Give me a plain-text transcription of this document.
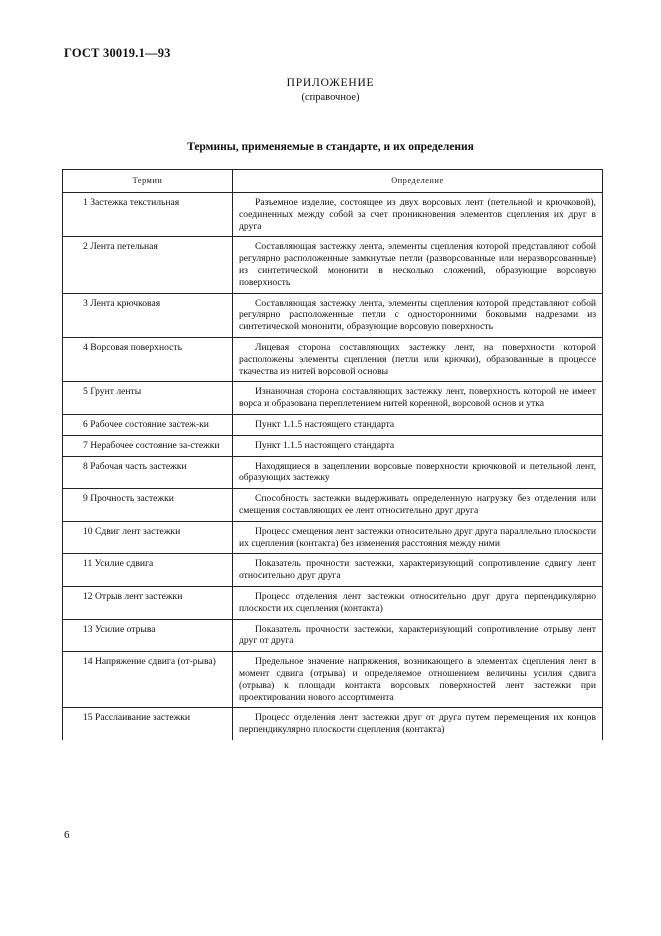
ГОСТ 30019.1—93
ПРИЛОЖЕНИЕ
(справочное)
Термины, применяемые в стандарте, и их определения
Термин	Определение
1 Застежка текстильная	Разъемное изделие, состоящее из двух ворсовых лент (петельной и крючковой), соединенных между собой за счет проникновения элементов сцепления их друг в друга
2 Лента петельная	Составляющая застежку лента, элементы сцепления которой представляют собой регулярно расположенные замкнутые петли (разворсованные или неразворсованные) из синтетической мононити в несколько сложений, образующие ворсовую поверхность
3 Лента крючковая	Составляющая застежку лента, элементы сцепления которой представляют собой регулярно расположенные петли с односторонними боковыми надрезами из синтетической мононити, образующие ворсовую поверхность
4 Ворсовая поверхность	Лицевая сторона составляющих застежку лент, на поверхности которой расположены элементы сцепления (петли или крючки), образованные в процессе ткачества из нитей ворсовой основы
5 Грунт ленты	Изнаночная сторона составляющих застежку лент, поверхность которой не имеет ворса и образована переплетением нитей коренной, ворсовой основ и утка
6 Рабочее состояние застеж-ки	Пункт 1.1.5 настоящего стандарта
7 Нерабочее состояние за-стежки	Пункт 1.1.5 настоящего стандарта
8 Рабочая часть застежки	Находящиеся в зацеплении ворсовые поверхности крючковой и петельной лент, образующих застежку
9 Прочность застежки	Способность застежки выдерживать определенную нагрузку без отделения или смещения составляющих ее лент относительно друг друга
10 Сдвиг лент застежки	Процесс смещения лент застежки относительно друг друга параллельно плоскости их сцепления (контакта) без изменения расстояния между ними
11 Усилие сдвига	Показатель прочности застежки, характеризующий сопротивление сдвигу лент относительно друг друга
12 Отрыв лент застежки	Процесс отделения лент застежки относительно друг друга перпендикулярно плоскости их сцепления (контакта)
13 Усилие отрыва	Показатель прочности застежки, характеризующий сопротивление отрыву лент друг от друга
14 Напряжение сдвига (от-рыва)	Предельное значение напряжения, возникающего в элементах сцепления лент в момент сдвига (отрыва) и определяемое отношением величины усилия сдвига (отрыва) к площади контакта ворсовых поверхностей лент застежки при проектировании нового ассортимента
15 Расслаивание застежки	Процесс отделения лент застежки друг от друга путем перемещения их концов перпендикулярно плоскости сцепления (контакта)
6
